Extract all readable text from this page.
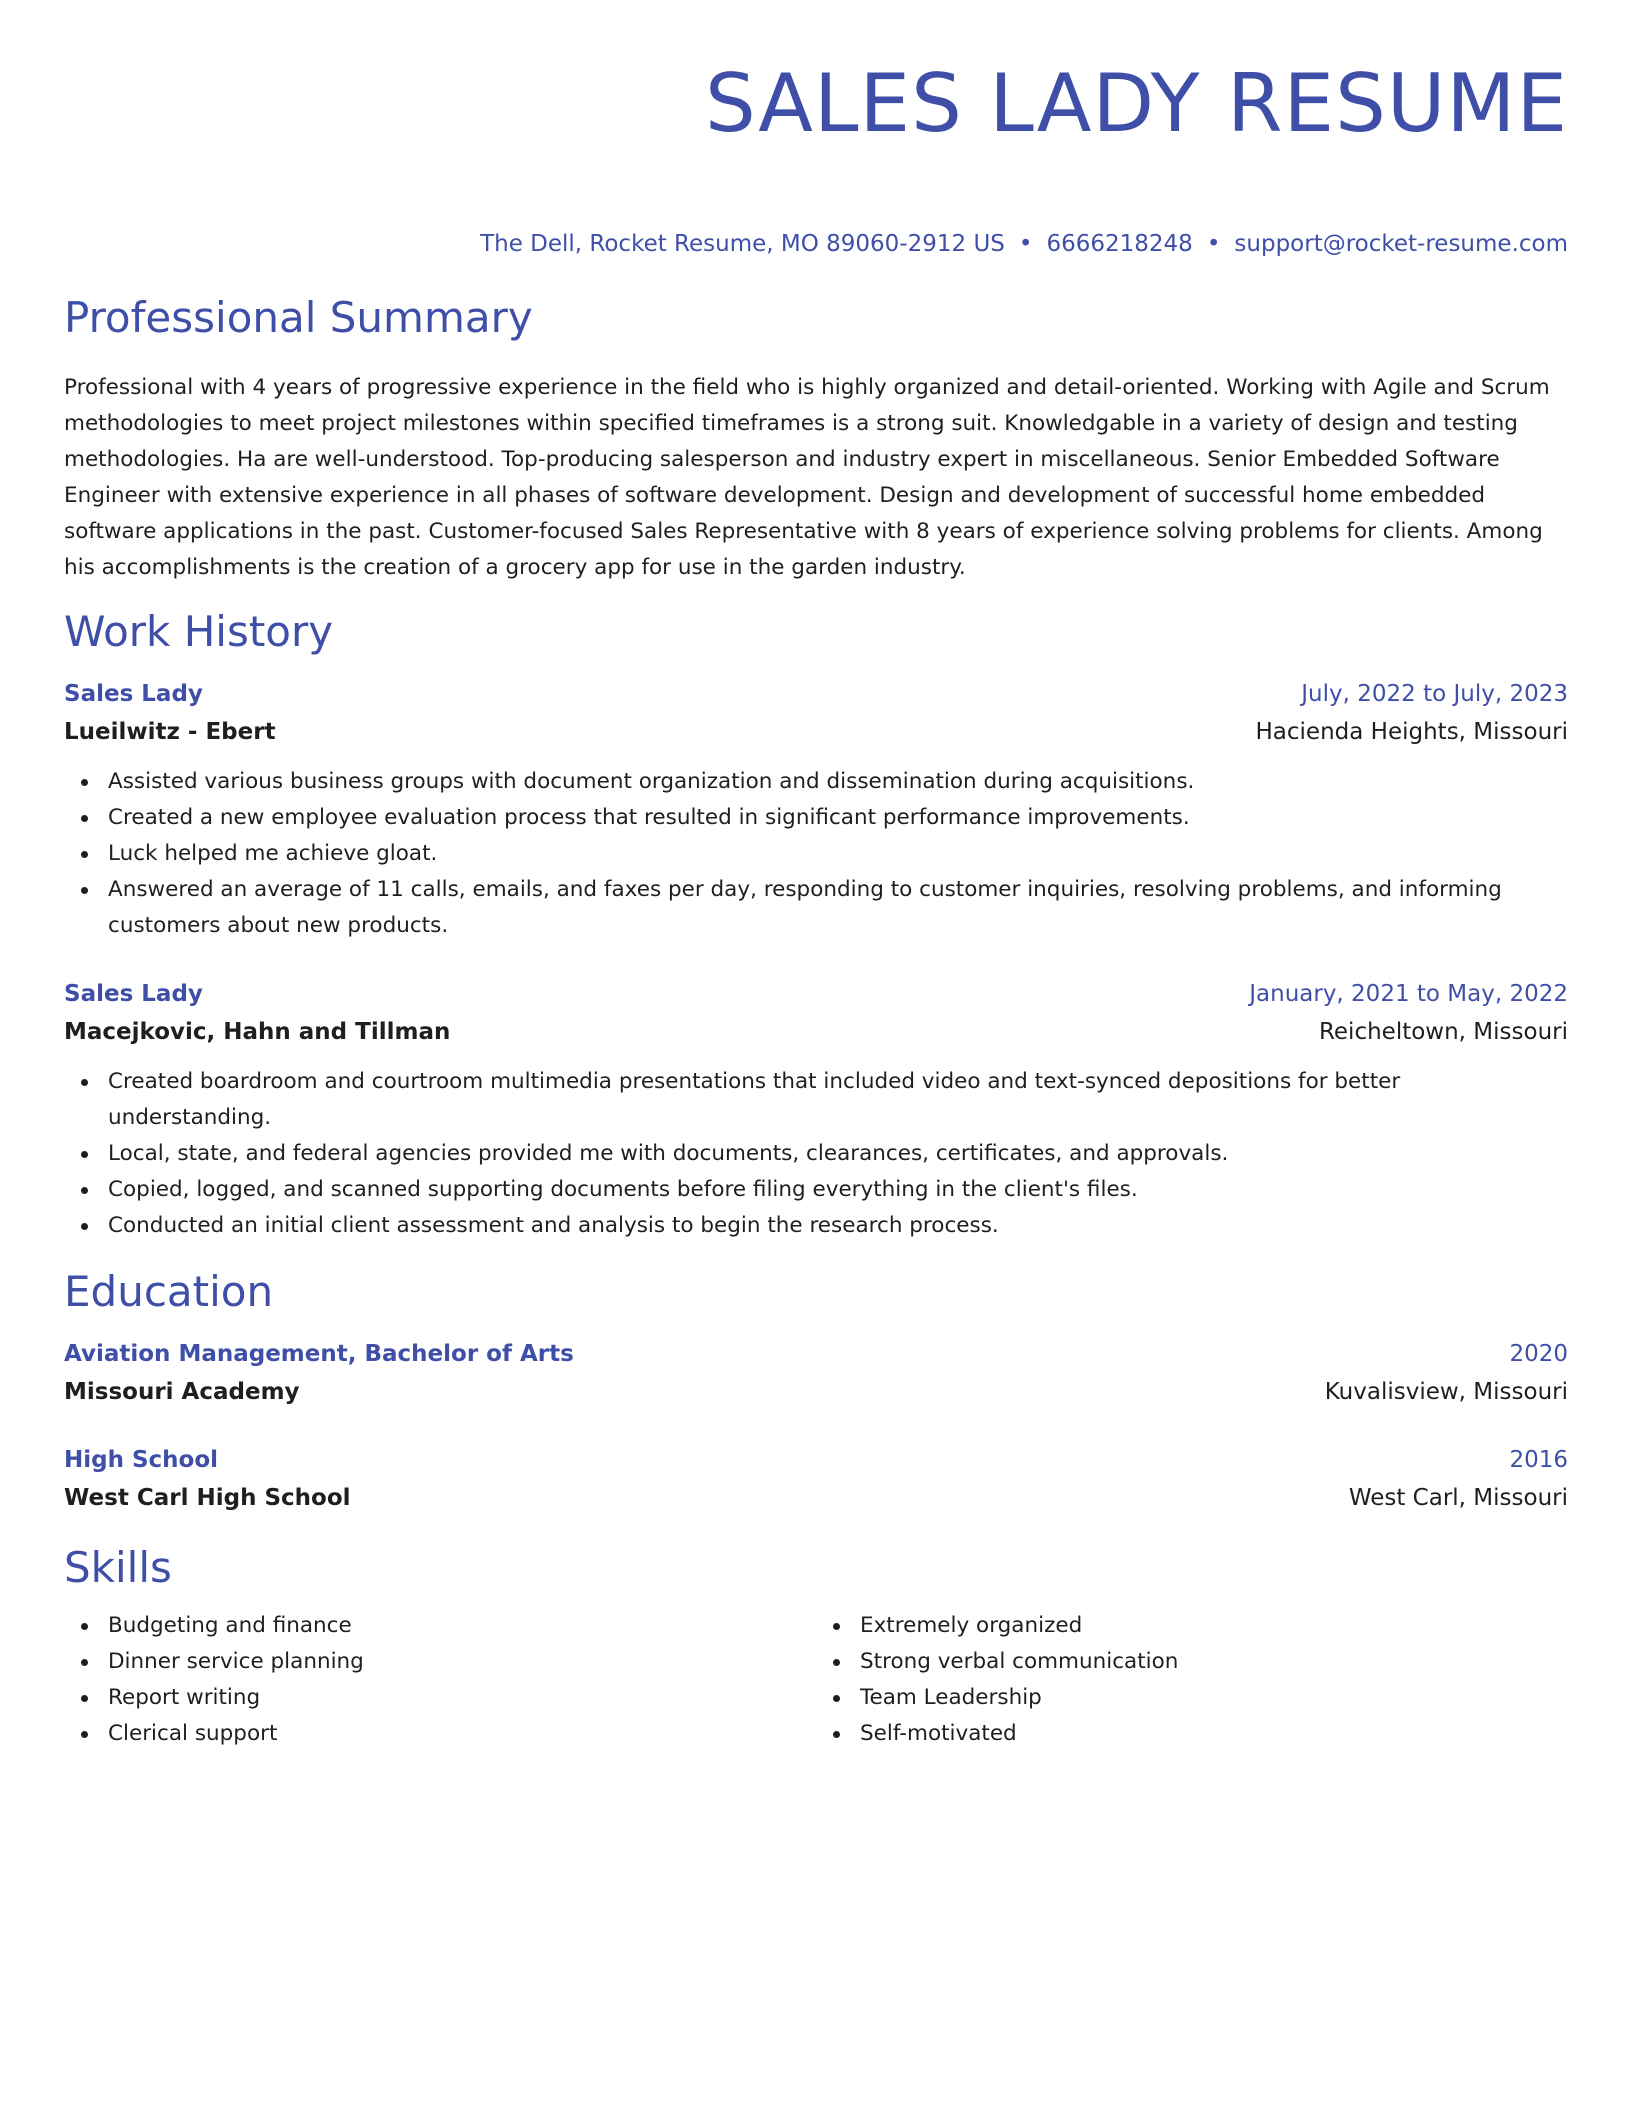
SALES LADY RESUME
The Dell, Rocket Resume, MO 89060-2912 US • 6666218248 • support@rocket-resume.com
Professional Summary

Professional with 4 years of progressive experience in the field who is highly organized and detail-oriented. Working with Agile and Scrum methodologies to meet project milestones within specified timeframes is a strong suit. Knowledgable in a variety of design and testing methodologies. Ha are well-understood. Top-producing salesperson and industry expert in miscellaneous. Senior Embedded Software Engineer with extensive experience in all phases of software development. Design and development of successful home embedded software applications in the past. Customer-focused Sales Representative with 8 years of experience solving problems for clients. Among his accomplishments is the creation of a grocery app for use in the garden industry.

Work History
Sales Lady	July, 2022 to July, 2023
Lueilwitz - Ebert	Hacienda Heights, Missouri
Assisted various business groups with document organization and dissemination during acquisitions.
Created a new employee evaluation process that resulted in significant performance improvements.
Luck helped me achieve gloat.
Answered an average of 11 calls, emails, and faxes per day, responding to customer inquiries, resolving problems, and informing customers about new products.
Sales Lady	January, 2021 to May, 2022
Macejkovic, Hahn and Tillman	Reicheltown, Missouri
Created boardroom and courtroom multimedia presentations that included video and text-synced depositions for better understanding.
Local, state, and federal agencies provided me with documents, clearances, certificates, and approvals.
Copied, logged, and scanned supporting documents before filing everything in the client's files.
Conducted an initial client assessment and analysis to begin the research process.
Education
Aviation Management, Bachelor of Arts	2020
Missouri Academy	Kuvalisview, Missouri
High School	2016
West Carl High School	West Carl, Missouri
Skills
Budgeting and finance
Dinner service planning
Report writing
Clerical support
Extremely organized
Strong verbal communication
Team Leadership
Self-motivated
